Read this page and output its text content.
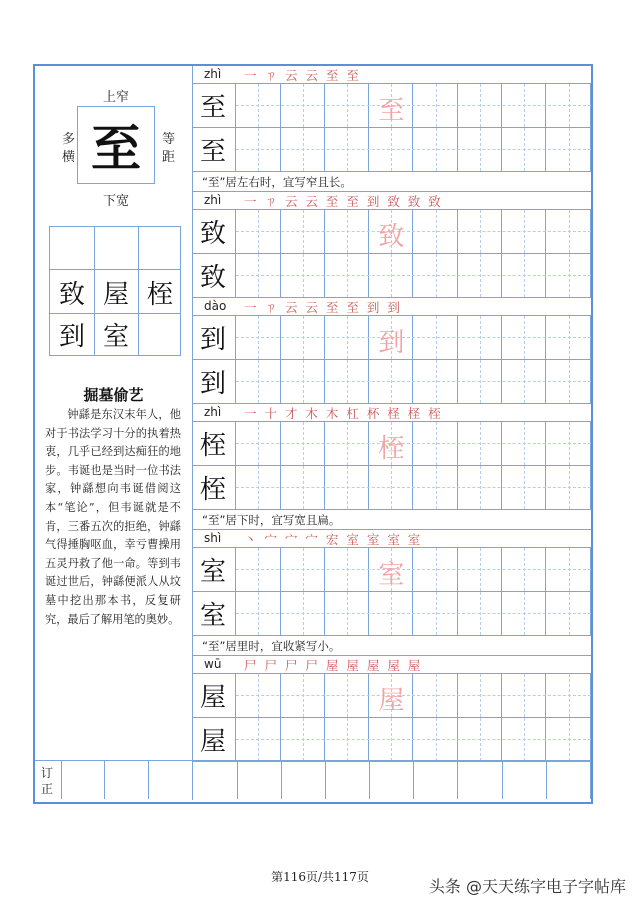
上窄
多
横 至	等
距
下宽
致 屋 桎
到 室
掘墓偷艺

钟繇是东汉末年人，他对于书法学习十分的执着热衷，几乎已经到达痴狂的地步。韦诞也是当时一位书法家，钟繇想向韦诞借阅这本“笔论”，但韦诞就是不肯，三番五次的拒绝，钟繇气得捶胸呕血，幸亏曹操用五灵丹救了他一命。等到韦诞过世后，钟繇便派人从坟墓中挖出那本书，反复研究，最后了解用笔的奥妙。

zhì 一 ㄗ 云 云 至 至
至	至
至
“至”居左右时，宜写窄且长。
zhì 一 ㄗ 云 云 至 至 到 致 致 致
致	致
致
dào 一 ㄗ 云 云 至 至 到 到
到	到
到
zhì 一 十 才 木 木 杠 杯 柽 柽 桎
桎	桎
桎
“至”居下时，宜写宽且扁。
shì 丶 宀 宀 宀 宏 室 室 室 室
室	室
室
“至”居里时，宜收紧写小。
wū 尸 尸 尸 尸 屋 屋 屋 屋 屋
屋	屋
屋
订正
第116页/共117页	头条 @天天练字电子字帖库
